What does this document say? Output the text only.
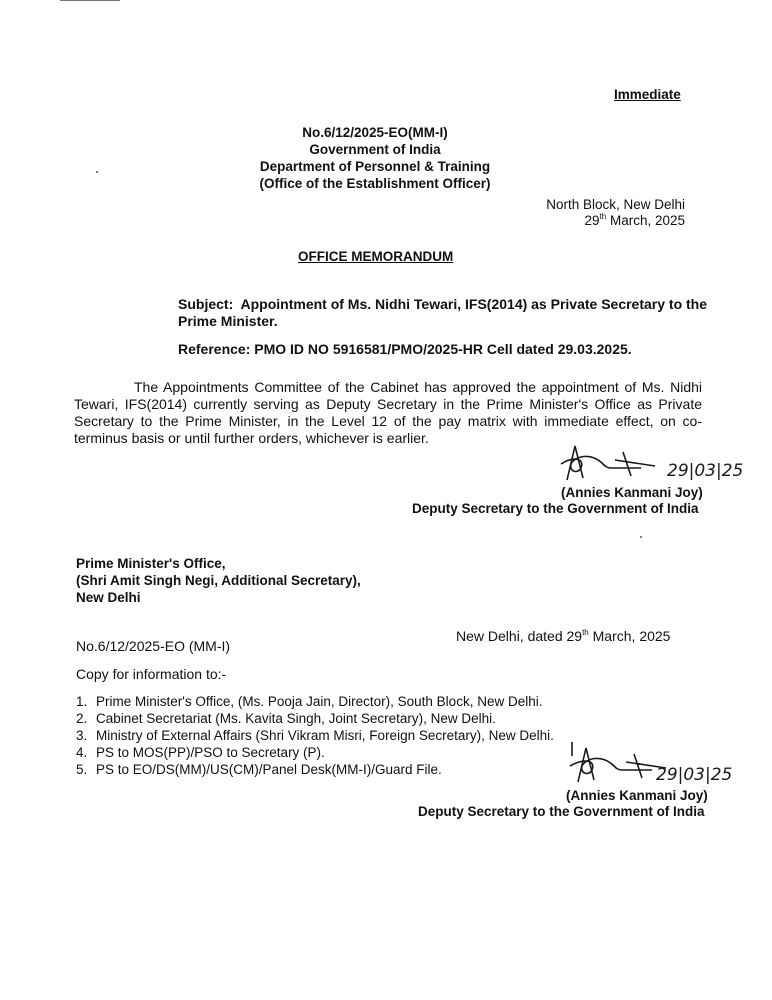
Immediate
No.6/12/2025-EO(MM-I)
Government of India
Department of Personnel & Training
(Office of the Establishment Officer)
North Block, New Delhi
29th March, 2025
OFFICE MEMORANDUM
Subject: Appointment of Ms. Nidhi Tewari, IFS(2014) as Private Secretary to the
Prime Minister.
Reference: PMO ID NO 5916581/PMO/2025-HR Cell dated 29.03.2025.
The Appointments Committee of the Cabinet has approved the appointment of Ms. Nidhi Tewari, IFS(2014) currently serving as Deputy Secretary in the Prime Minister's Office as Private Secretary to the Prime Minister, in the Level 12 of the pay matrix with immediate effect, on co-terminus basis or until further orders, whichever is earlier.
29|03|25
(Annies Kanmani Joy)
Deputy Secretary to the Government of India
Prime Minister's Office,
(Shri Amit Singh Negi, Additional Secretary),
New Delhi
No.6/12/2025-EO (MM-I)
New Delhi, dated 29th March, 2025
Copy for information to:-
1. Prime Minister's Office, (Ms. Pooja Jain, Director), South Block, New Delhi.
2. Cabinet Secretariat (Ms. Kavita Singh, Joint Secretary), New Delhi.
3. Ministry of External Affairs (Shri Vikram Misri, Foreign Secretary), New Delhi.
4. PS to MOS(PP)/PSO to Secretary (P).
5. PS to EO/DS(MM)/US(CM)/Panel Desk(MM-I)/Guard File.	29|03|25
(Annies Kanmani Joy)
Deputy Secretary to the Government of India
